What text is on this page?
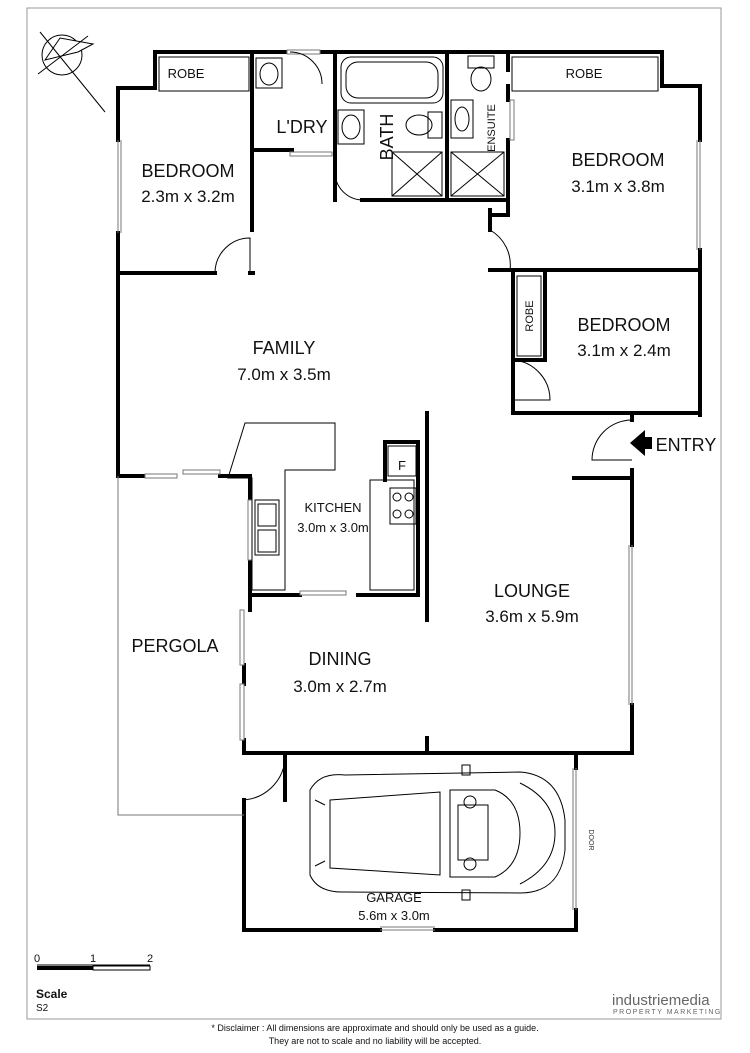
ROBE	ROBE
ROBE
BEDROOM
2.3m x 3.2m
L'DRY	BATH	ENSUITE
BEDROOM
3.1m x 3.8m
BEDROOM
3.1m x 2.4m
FAMILY
7.0m x 3.5m
F
ENTRY
KITCHEN
3.0m x 3.0m
LOUNGE
3.6m x 5.9m
PERGOLA
DINING
3.0m x 2.7m
GARAGE
5.6m x 3.0m
DOOR
0	1	2
Scale
S2	industriemedia
PROPERTY MARKETING
* Disclaimer : All dimensions are approximate and should only be used as a guide.
They are not to scale and no liability will be accepted.
